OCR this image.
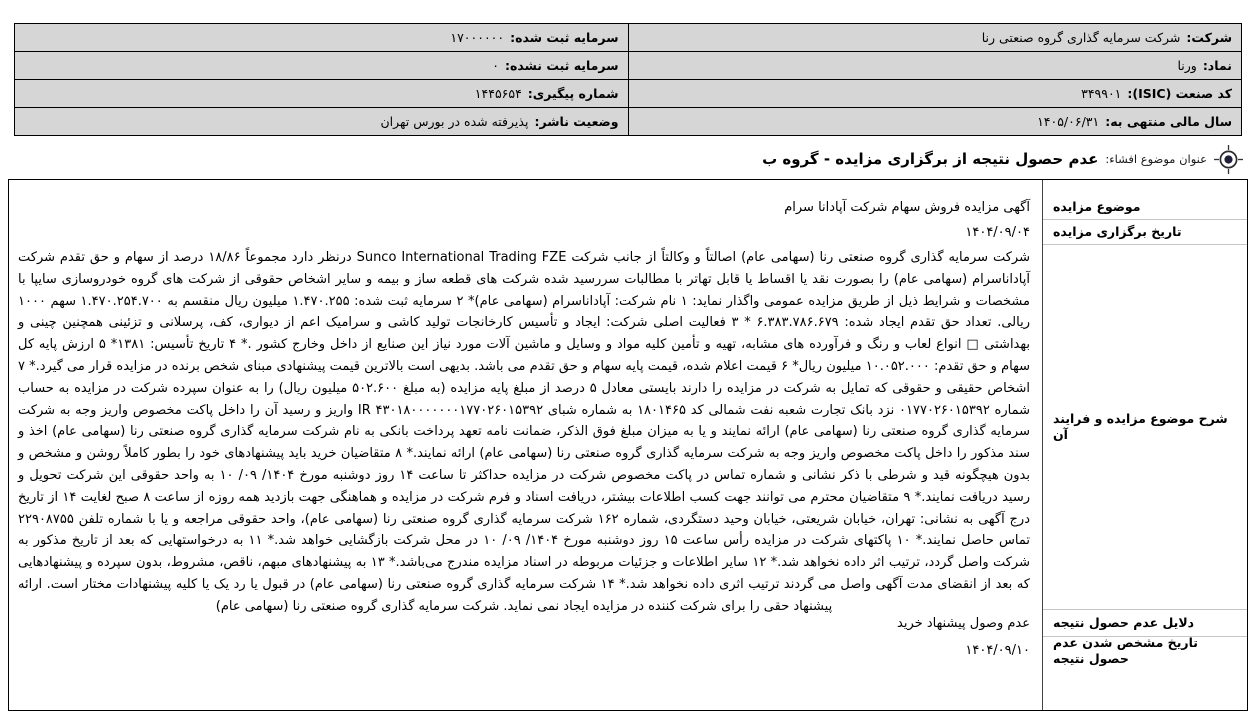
شرکت:شرکت سرمایه گذاری گروه صنعتی رنا	سرمایه ثبت شده:۱۷۰۰۰۰۰۰
نماد:ورنا	سرمایه ثبت نشده:۰
کد صنعت (ISIC):۳۴۹۹۰۱	شماره پیگیری:۱۴۴۵۶۵۴
سال مالی منتهی به:۱۴۰۵/۰۶/۳۱	وضعیت ناشر:پذیرفته شده در بورس تهران
عنوان موضوع افشاء:
عدم حصول نتیجه از برگزاری مزایده - گروه ب
موضوع مزایده
آگهی مزایده فروش سهام شرکت آپادانا سرام
تاریخ برگزاری مزایده
۱۴۰۴/۰۹/۰۴
شرح موضوع مزایده و فرایند آن
شرکت سرمایه گذاری گروه صنعتی رنا (سهامی عام) اصالتاً و وکالتاً از جانب شرکت Sunco International Trading FZE درنظر دارد مجموعاً ۱۸/۸۶ درصد از سهام و حق تقدم شرکت آپاداناسرام (سهامی عام) را بصورت نقد یا اقساط یا قابل تهاتر با مطالبات سررسید شده شرکت های قطعه ساز و بیمه و سایر اشخاص حقوقی از شرکت های گروه خودروسازی سایپا با مشخصات و شرایط ذیل از طریق مزایده عمومی واگذار نماید: ۱ نام شرکت: آپاداناسرام (سهامی عام)* ۲ سرمایه ثبت شده: ۱.۴۷۰.۲۵۵ میلیون ریال منقسم به ۱.۴۷۰.۲۵۴.۷۰۰ سهم ۱۰۰۰ ریالی. تعداد حق تقدم ایجاد شده: ۶.۳۸۳.۷۸۶.۶۷۹ * ۳ فعالیت اصلی شرکت: ایجاد و تأسیس کارخانجات تولید کاشی و سرامیک اعم از دیواری، کف، پرسلانی و تزئینی همچنین چینی و بهداشتی □ انواع لعاب و رنگ و فرآورده های مشابه، تهیه و تأمین کلیه مواد و وسایل و ماشین آلات مورد نیاز این صنایع از داخل وخارج کشور .* ۴ تاریخ تأسیس: ۱۳۸۱* ۵ ارزش پایه کل سهام و حق تقدم: ۱۰.۰۵۲.۰۰۰ میلیون ریال* ۶ قیمت اعلام شده، قیمت پایه سهام و حق تقدم می باشد. بدیهی است بالاترین قیمت پیشنهادی مبنای شخص برنده در مزایده قرار می گیرد.* ۷ اشخاص حقیقی و حقوقی که تمایل به شرکت در مزایده را دارند بایستی معادل ۵ درصد از مبلغ پایه مزایده (به مبلغ ۵۰۲.۶۰۰ میلیون ریال) را به عنوان سپرده شرکت در مزایده به حساب شماره ۰۱۷۷۰۲۶۰۱۵۳۹۲ نزد بانک تجارت شعبه نفت شمالی کد ۱۸۰۱۴۶۵ به شماره شبای IR ۴۳۰۱۸۰۰۰۰۰۰۰۱۷۷۰۲۶۰۱۵۳۹۲ واریز و رسید آن را داخل پاکت مخصوص واریز وجه به شرکت سرمایه گذاری گروه صنعتی رنا (سهامی عام) ارائه نمایند و یا به میزان مبلغ فوق الذکر، ضمانت نامه تعهد پرداخت بانکی به نام شرکت سرمایه گذاری گروه صنعتی رنا (سهامی عام) اخذ و سند مذکور را داخل پاکت مخصوص واریز وجه به شرکت سرمایه گذاری گروه صنعتی رنا (سهامی عام) ارائه نمایند.* ۸ متقاضیان خرید باید پیشنهادهای خود را بطور کاملاً روشن و مشخص و بدون هیچگونه قید و شرطی با ذکر نشانی و شماره تماس در پاکت مخصوص شرکت در مزایده حداکثر تا ساعت ۱۴ روز دوشنبه مورخ ۱۴۰۴/ ۰۹/ ۱۰ به واحد حقوقی این شرکت تحویل و رسید دریافت نمایند.* ۹ متقاضیان محترم می توانند جهت کسب اطلاعات بیشتر، دریافت اسناد و فرم شرکت در مزایده و هماهنگی جهت بازدید همه روزه از ساعت ۸ صبح لغایت ۱۴ از تاریخ درج آگهی به نشانی: تهران، خیابان شریعتی، خیابان وحید دستگردی، شماره ۱۶۲ شرکت سرمایه گذاری گروه صنعتی رنا (سهامی عام)، واحد حقوقی مراجعه و یا با شماره تلفن ۲۲۹۰۸۷۵۵ تماس حاصل نمایند.* ۱۰ پاکتهای شرکت در مزایده رأس ساعت ۱۵ روز دوشنبه مورخ ۱۴۰۴/ ۰۹/ ۱۰ در محل شرکت بازگشایی خواهد شد.* ۱۱ به درخواستهایی که بعد از تاریخ مذکور به شرکت واصل گردد، ترتیب اثر داده نخواهد شد.* ۱۲ سایر اطلاعات و جزئیات مربوطه در اسناد مزایده مندرج می‌باشد.* ۱۳ به پیشنهادهای مبهم، ناقص، مشروط، بدون سپرده و پیشنهادهایی که بعد از انقضای مدت آگهی واصل می گردند ترتیب اثری داده نخواهد شد.* ۱۴ شرکت سرمایه گذاری گروه صنعتی رنا (سهامی عام) در قبول یا رد یک یا کلیه پیشنهادات مختار است. ارائه پیشنهاد حقی را برای شرکت کننده در مزایده ایجاد نمی نماید. شرکت سرمایه گذاری گروه صنعتی رنا (سهامی عام)
دلایل عدم حصول نتیجه
عدم وصول پیشنهاد خرید
تاریخ مشخص شدن عدم حصول نتیجه
۱۴۰۴/۰۹/۱۰
